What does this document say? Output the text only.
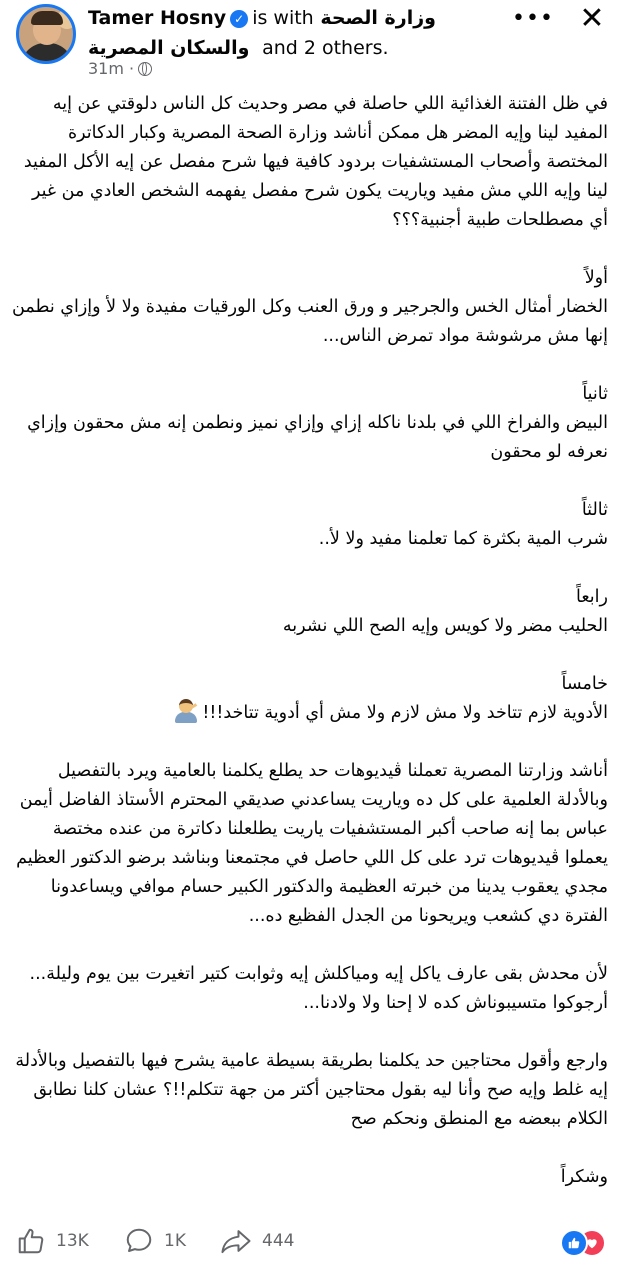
Tamer Hosny ✓ is with وزارة الصحة
والسكان المصرية and 2 others.
31m ·
••• ✕

في ظل الفتنة الغذائية اللي حاصلة في مصر وحديث كل الناس دلوقتي عن إيه المفيد لينا وإيه المضر هل ممكن أناشد وزارة الصحة المصرية وكبار الدكاترة المختصة وأصحاب المستشفيات بردود كافية فيها شرح مفصل عن إيه الأكل المفيد لينا وإيه اللي مش مفيد وياريت يكون شرح مفصل يفهمه الشخص العادي من غير أي مصطلحات طبية أجنبية؟؟؟

أولاً

الخضار أمثال الخس والجرجير و ورق العنب وكل الورقيات مفيدة ولا لأ وإزاي نطمن إنها مش مرشوشة مواد تمرض الناس...

ثانياً

البيض والفراخ اللي في بلدنا ناكله إزاي وإزاي نميز ونطمن إنه مش محقون وإزاي نعرفه لو محقون

ثالثاً

شرب المية بكثرة كما تعلمنا مفيد ولا لأ..

رابعاً

الحليب مضر ولا كويس وإيه الصح اللي نشربه

خامساً

الأدوية لازم تتاخد ولا مش لازم ولا مش أي أدوية تتاخد!!!

أناشد وزارتنا المصرية تعملنا ڤيديوهات حد يطلع يكلمنا بالعامية ويرد بالتفصيل وبالأدلة العلمية على كل ده وياريت يساعدني صديقي المحترم الأستاذ الفاضل أيمن عباس بما إنه صاحب أكبر المستشفيات ياريت يطلعلنا دكاترة من عنده مختصة يعملوا ڤيديوهات ترد على كل اللي حاصل في مجتمعنا وبناشد برضو الدكتور العظيم مجدي يعقوب يدينا من خبرته العظيمة والدكتور الكبير حسام موافي ويساعدونا الفترة دي كشعب ويريحونا من الجدل الفظيع ده...

لأن محدش بقى عارف ياكل إيه ومياكلش إيه وثوابت كتير اتغيرت بين يوم وليلة...

أرجوكوا متسيبوناش كده لا إحنا ولا ولادنا...

وارجع وأقول محتاجين حد يكلمنا بطريقة بسيطة عامية يشرح فيها بالتفصيل وبالأدلة إيه غلط وإيه صح وأنا ليه بقول محتاجين أكتر من جهة تتكلم!!؟ عشان كلنا نطابق الكلام ببعضه مع المنطق ونحكم صح

وشكراً

13K	1K	444
